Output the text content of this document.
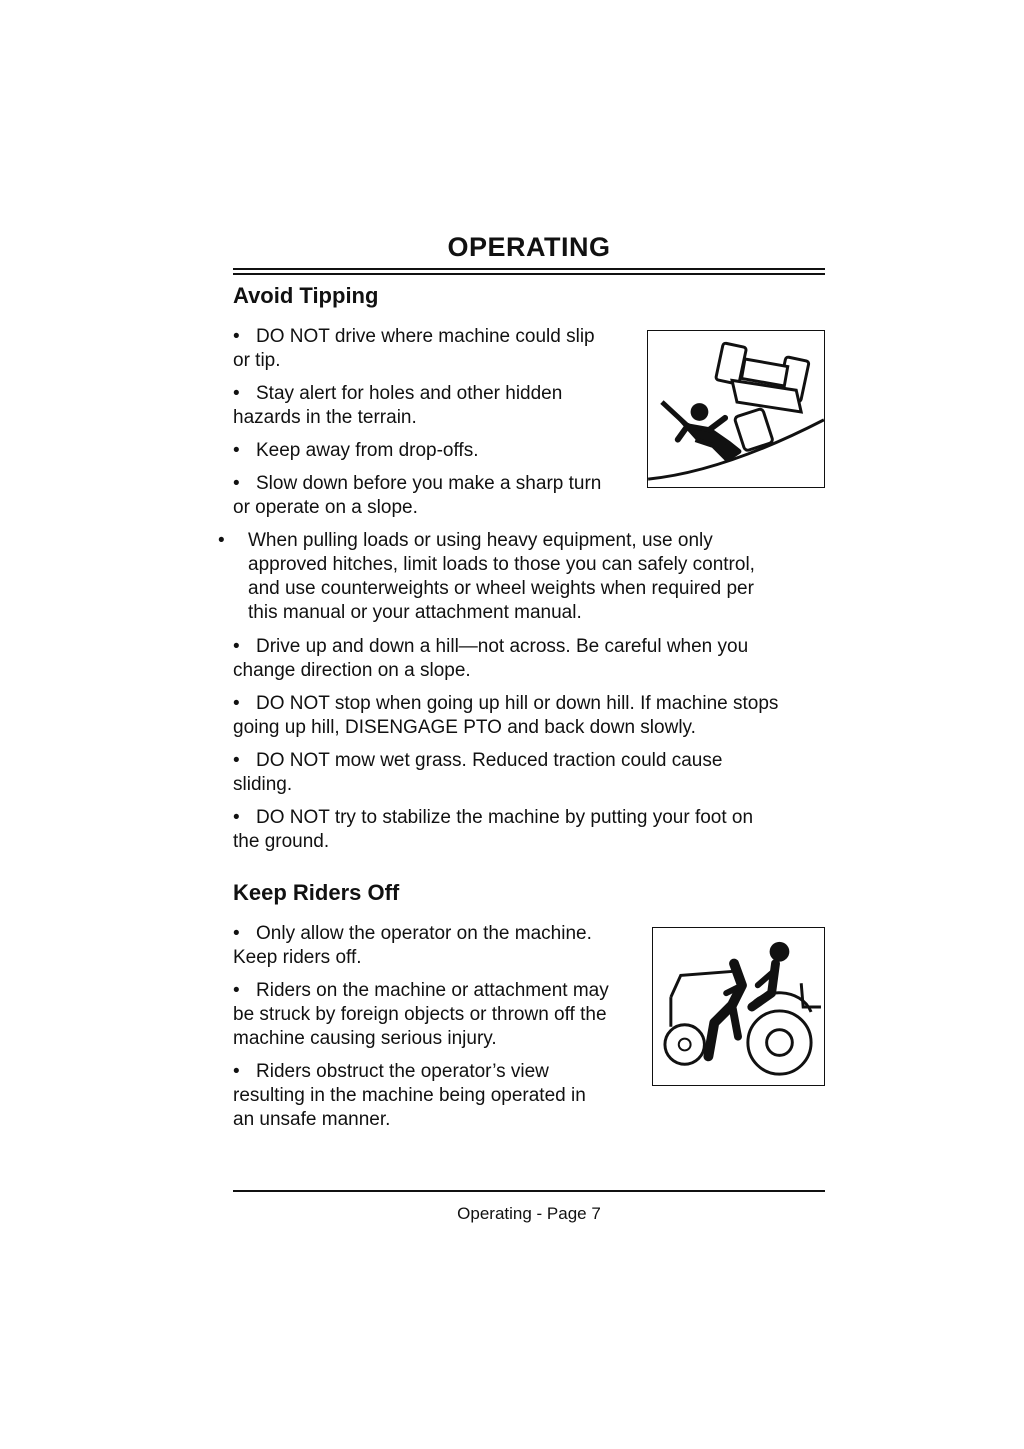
OPERATING
Avoid Tipping

• DO NOT drive where machine could slip
or tip.

• Stay alert for holes and other hidden
hazards in the terrain.

• Keep away from drop-offs.

• Slow down before you make a sharp turn
or operate on a slope.

• When pulling loads or using heavy equipment, use only
approved hitches, limit loads to those you can safely control,
and use counterweights or wheel weights when required per
this manual or your attachment manual.

• Drive up and down a hill—not across. Be careful when you
change direction on a slope.

• DO NOT stop when going up hill or down hill. If machine stops
going up hill, DISENGAGE PTO and back down slowly.

• DO NOT mow wet grass. Reduced traction could cause
sliding.

• DO NOT try to stabilize the machine by putting your foot on
the ground.

Keep Riders Off

• Only allow the operator on the machine.
Keep riders off.

• Riders on the machine or attachment may
be struck by foreign objects or thrown off the
machine causing serious injury.

• Riders obstruct the operator’s view
resulting in the machine being operated in
an unsafe manner.

Operating - Page 7
